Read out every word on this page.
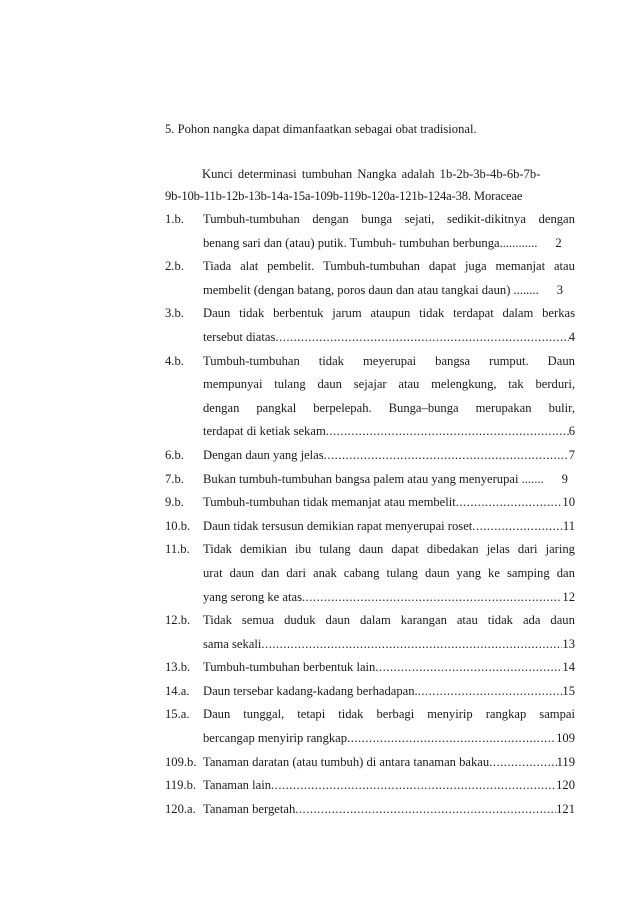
5. Pohon nangka dapat dimanfaatkan sebagai obat tradisional.
Kunci determinasi tumbuhan Nangka adalah 1b-2b-3b-4b-6b-7b-
9b-10b-11b-12b-13b-14a-15a-109b-119b-120a-121b-124a-38. Moraceae
1.b.	Tumbuh-tumbuhan dengan bunga sejati, sedikit-dikitnya dengan
benang sari dan (atau) putik. Tumbuh- tumbuhan berbunga............ 2
2.b.	Tiada alat pembelit. Tumbuh-tumbuhan dapat juga memanjat atau
membelit (dengan batang, poros daun dan atau tangkai daun) ........ 3
3.b.	Daun tidak berbentuk jarum ataupun tidak terdapat dalam berkas
tersebut diatas .....	4
4.b.	Tumbuh-tumbuhan tidak meyerupai bangsa rumput. Daun
mempunyai tulang daun sejajar atau melengkung, tak berduri,
dengan pangkal berpelepah. Bunga–bunga merupakan bulir,
terdapat di ketiak sekam .....	6
6.b.	Dengan daun yang jelas .....	7
7.b.	Bukan tumbuh-tumbuhan bangsa palem atau yang menyerupai ....... 9
9.b.	Tumbuh-tumbuhan tidak memanjat atau membelit .....	10
10.b.	Daun tidak tersusun demikian rapat menyerupai roset .....	11
11.b.	Tidak demikian ibu tulang daun dapat dibedakan jelas dari jaring
urat daun dan dari anak cabang tulang daun yang ke samping dan
yang serong ke atas .....	12
12.b.	Tidak semua duduk daun dalam karangan atau tidak ada daun
sama sekali .....	13
13.b.	Tumbuh-tumbuhan berbentuk lain .....	14
14.a.	Daun tersebar kadang-kadang berhadapan. .....	15
15.a.	Daun tunggal, tetapi tidak berbagi menyirip rangkap sampai
bercangap menyirip rangkap .....	109
109.b. Tanaman daratan (atau tumbuh) di antara tanaman bakau .....	119
119.b. Tanaman lain .....	120
120.a. Tanaman bergetah .....	121
